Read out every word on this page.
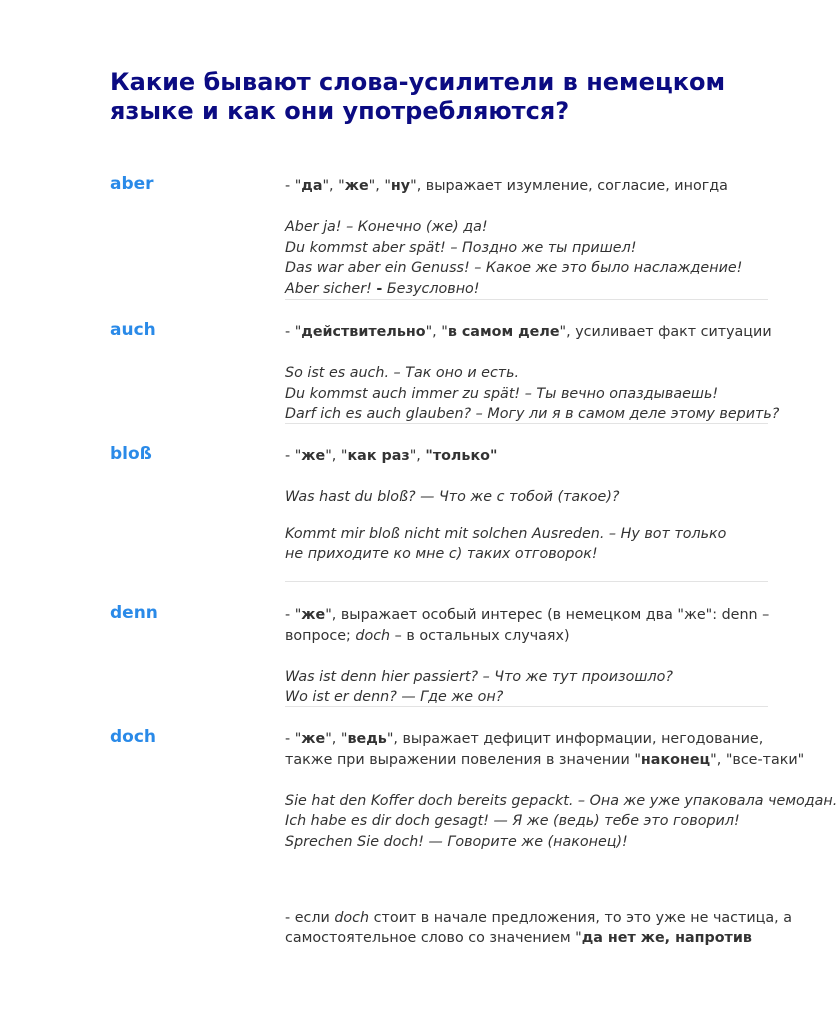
Какие бывают слова-усилители в немецком языке и как они употребляются?
aber	- "да", "же", "ну", выражает изумление, согласие, иногда

Aber ja! – Конечно (же) да!

Du kommst aber spät! – Поздно же ты пришел!

Das war aber ein Genuss! – Какое же это было наслаждение!

Aber sicher! - Безусловно!

auch	- "действительно", "в самом деле", усиливает факт ситуации

So ist es auch. – Так оно и есть.

Du kommst auch immer zu spät! – Ты вечно опаздываешь!

Darf ich es auch glauben? – Могу ли я в самом деле этому верить?

bloß	- "же", "как раз", "только"

Was hast du bloß? — Что же с тобой (такое)?

Kommt mir bloß nicht mit solchen Ausreden. – Ну вот только

не приходите ко мне с) таких отговорок!

denn	- "же", выражает особый интерес (в немецком два "же": denn –

вопросе; doch – в остальных случаях)

Was ist denn hier passiert? – Что же тут произошло?

Wo ist er denn? — Где же он?

doch	- "же", "ведь", выражает дефицит информации, негодование,

также при выражении повеления в значении "наконец", "все-таки"

Sie hat den Koffer doch bereits gepackt. – Она же уже упаковала чемодан.

Ich habe es dir doch gesagt! — Я же (ведь) тебе это говорил!

Sprechen Sie doch! — Говорите же (наконец)!

- если doch стоит в начале предложения, то это уже не частица, а

самостоятельное слово со значением "да нет же, напротив
